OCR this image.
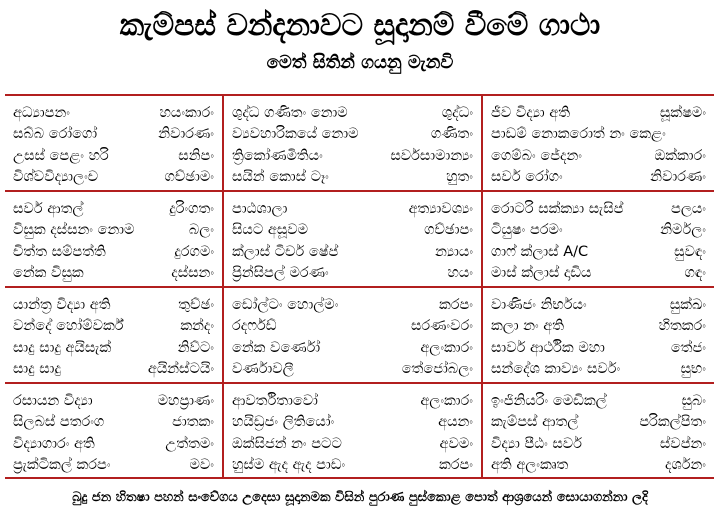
කැම්පස් වන්දනාවට සූදානම් වීමේ ගාථා
මෙත් සිතින් ගයනු මැනවි
අධ්‍යාපනං	හයංකාරං
සබ්බ රෝගෝ	නිවාරණං
උසස් පෙළං හරි	සනිපං
විශ්වවිද්‍යාලංච	ගච්ඡාමං
ශුද්ධ ගණිතං නොම	ශුද්ධං
ව්‍යවහාරිකයේ නොම	ගණිතං
ත්‍රිකෝණමිතියං	සර්වසාමාන්‍යං
සයින් කොස් ටෑං	හුතං
ජීව විද්‍යා අති	සූක්ෂමං
පාඩම් නොකරොත් නං කෙළං
ගෙම්බං ජේදනං	ඔක්කාරං
සර්ව රෝගං	නිවාරණං
සර්ව ආතල්	දුරිංගතං
විසුක දස්සනං නොම	බලං
චිත්ත සම්පත්ති	දුරගමං
නේක විසුක	දස්සනං
පාඨශාලා	අත්‍යාවශ්‍යං
සියට අසූවම	ගච්ඡාපං
ක්ලාස් ටීචර් ෂේප්	න්‍යායං
ප්‍රින්සිපල් මරණං	හයං
රොටරි සක්ක්‍යා සැසිප්	පලයං
ටියුෂං පරමං	නිර්මලං
ගාෆ් ක්ලාස් A/C	සුවඳං
මාස් ක්ලාස් දාඩිය	ගඳං
යාන්ත්‍ර විද්‍යා අති	තුච්ඡං
වන්දේ හෝම්වර්ක්	කන්දං
සාදු සාදු අයිසැක්	නිව්ටං
සාදු සාදු	අයින්ස්ටයිං
ඩෝල්ටං හොල්මං	කරපං
රදර්ෆඩ්	සරණංවරං
නේක වර්ණෝ	අලංකාරං
වර්ණාවලී	තේජෝබලං
වාණිජං නිර්භයං	සුක්ඛං
කලා නං අති	හිතකරං
සාර්ව ආර්ථික මහා	තේජං
සන්දේශ කාව්‍යං සර්වං	සුභං
රසායන විද්‍යා	මහප්‍රාණං
සිලබස් පතරංග	ජාතකං
විද්‍යාගාරං අති	උත්තමං
ප්‍රැක්ටිකල් කරපං	මවං
ආවර්තිතාවෝ	අලංකාරං
හයිඩ්‍රජං ලිතියෝං	අයනං
ඔක්සිජන් නං පටට	අවමං
හුස්ම ඇද ඇද පාඩං	කරපං
ඉංජිනියරිං මෙඩිකල්	සුබං
කැම්පස් ආතල්	පරිකල්පිතං
විද්‍යා පීඨං සර්ව	ස්වප්නං
අති අලංකෘත	දර්ශනං
බුදු ජන හිතෂා පහන් සංවේගය උදෙසා සූදානමක විසින් පුරාණ පුස්කොළ පොත් ආශ්‍රයෙන් සොයාගන්නා ලදි
